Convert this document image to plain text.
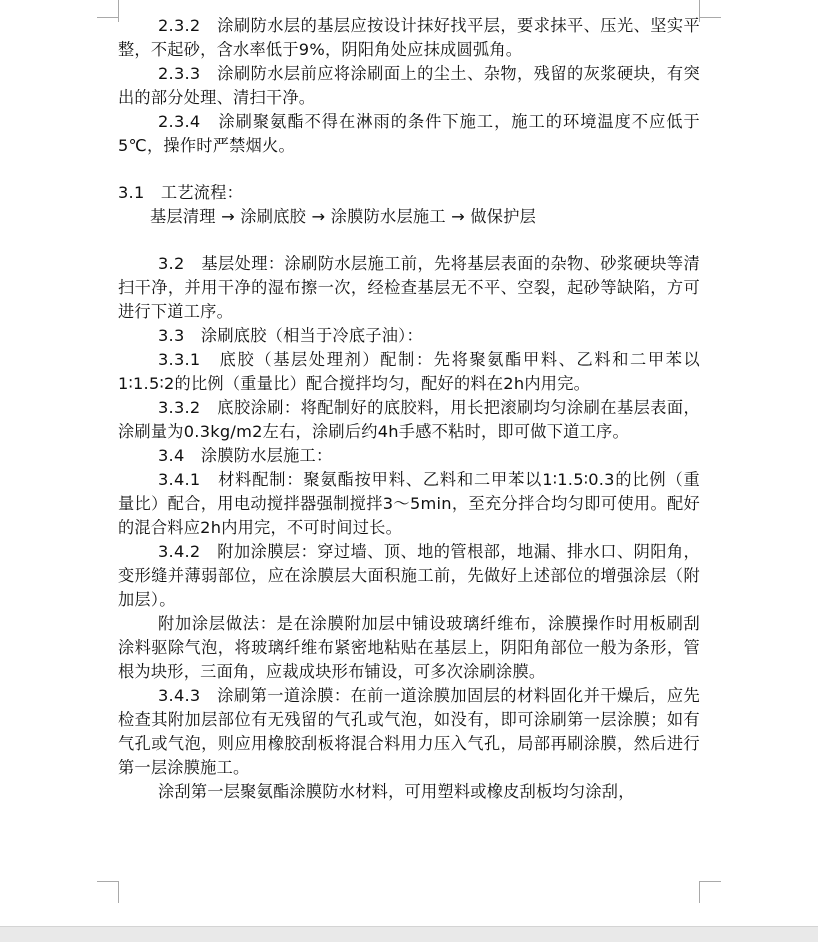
2.3.2　涂刷防水层的基层应按设计抹好找平层，要求抹平、压光、坚实平整，不起砂，含水率低于9%，阴阳角处应抹成圆弧角。

2.3.3　涂刷防水层前应将涂刷面上的尘土、杂物，残留的灰浆硬块，有突出的部分处理、清扫干净。

2.3.4　涂刷聚氨酯不得在淋雨的条件下施工，施工的环境温度不应低于5℃，操作时严禁烟火。

3.1　工艺流程：

基层清理 → 涂刷底胶 → 涂膜防水层施工 → 做保护层

3.2　基层处理：涂刷防水层施工前，先将基层表面的杂物、砂浆硬块等清扫干净，并用干净的湿布擦一次，经检查基层无不平、空裂，起砂等缺陷，方可进行下道工序。

3.3　涂刷底胶（相当于冷底子油）：

3.3.1　底胶（基层处理剂）配制：先将聚氨酯甲料、乙料和二甲苯以1∶1.5∶2的比例（重量比）配合搅拌均匀，配好的料在2h内用完。

3.3.2　底胶涂刷：将配制好的底胶料，用长把滚刷均匀涂刷在基层表面，涂刷量为0.3kg/m2左右，涂刷后约4h手感不粘时，即可做下道工序。

3.4　涂膜防水层施工：

3.4.1　材料配制：聚氨酯按甲料、乙料和二甲苯以1∶1.5∶0.3的比例（重量比）配合，用电动搅拌器强制搅拌3～5min，至充分拌合均匀即可使用。配好的混合料应2h内用完，不可时间过长。

3.4.2　附加涂膜层：穿过墙、顶、地的管根部，地漏、排水口、阴阳角，变形缝并薄弱部位，应在涂膜层大面积施工前，先做好上述部位的增强涂层（附加层）。

附加涂层做法：是在涂膜附加层中铺设玻璃纤维布，涂膜操作时用板刷刮涂料驱除气泡，将玻璃纤维布紧密地粘贴在基层上，阴阳角部位一般为条形，管根为块形，三面角，应裁成块形布铺设，可多次涂刷涂膜。

3.4.3　涂刷第一道涂膜：在前一道涂膜加固层的材料固化并干燥后，应先检查其附加层部位有无残留的气孔或气泡，如没有，即可涂刷第一层涂膜；如有气孔或气泡，则应用橡胶刮板将混合料用力压入气孔，局部再刷涂膜，然后进行第一层涂膜施工。

涂刮第一层聚氨酯涂膜防水材料，可用塑料或橡皮刮板均匀涂刮，
